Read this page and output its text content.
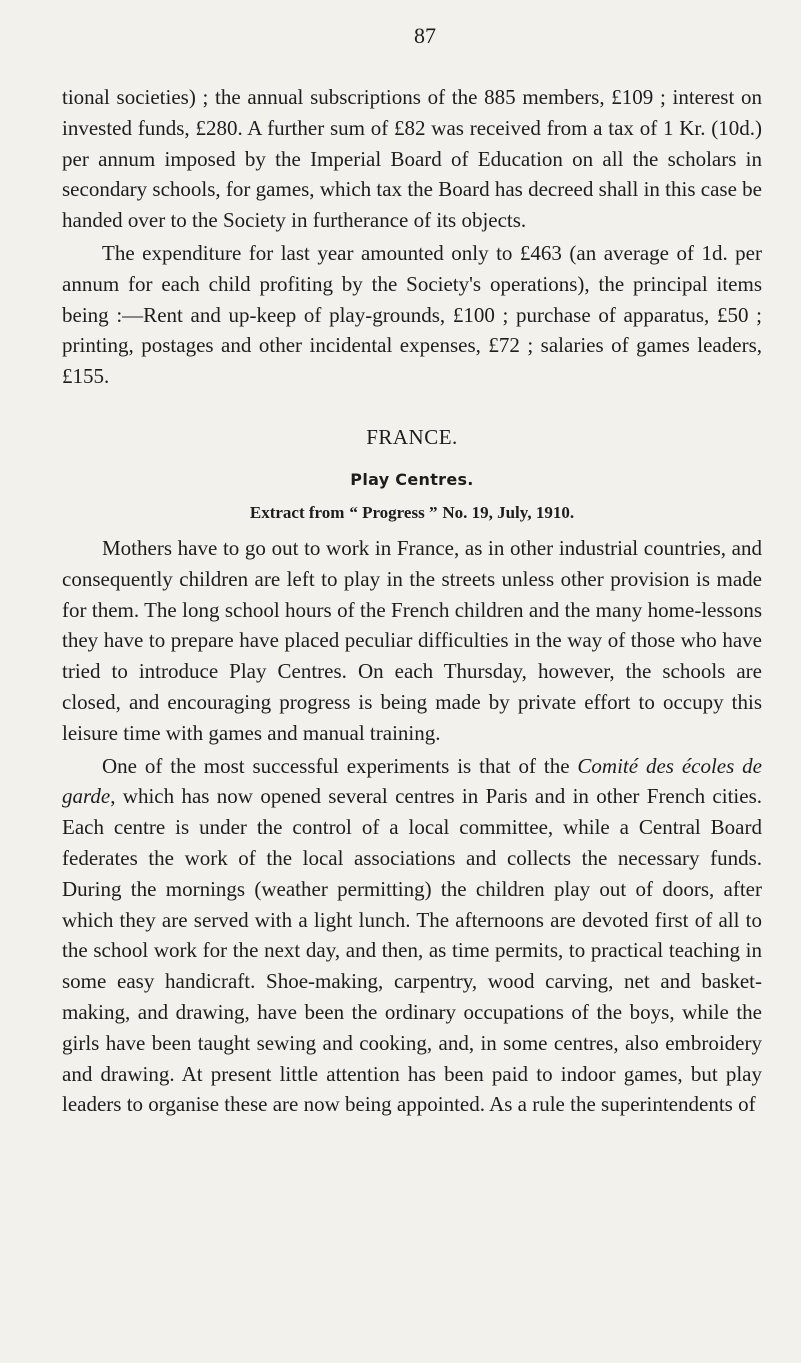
87

tional societies) ; the annual subscriptions of the 885 members, £109 ; interest on invested funds, £280. A further sum of £82 was received from a tax of 1 Kr. (10d.) per annum imposed by the Imperial Board of Education on all the scholars in secondary schools, for games, which tax the Board has decreed shall in this case be handed over to the Society in furtherance of its objects.

The expenditure for last year amounted only to £463 (an average of 1d. per annum for each child profiting by the Society's operations), the principal items being :—Rent and up-keep of play-grounds, £100 ; purchase of apparatus, £50 ; printing, postages and other incidental expenses, £72 ; salaries of games leaders, £155.

FRANCE.
Play Centres.
Extract from “ Progress ” No. 19, July, 1910.

Mothers have to go out to work in France, as in other industrial countries, and consequently children are left to play in the streets unless other provision is made for them. The long school hours of the French children and the many home-lessons they have to prepare have placed peculiar difficulties in the way of those who have tried to introduce Play Centres. On each Thursday, however, the schools are closed, and encouraging progress is being made by private effort to occupy this leisure time with games and manual training.

One of the most successful experiments is that of the Comité des écoles de garde, which has now opened several centres in Paris and in other French cities. Each centre is under the control of a local committee, while a Central Board federates the work of the local associations and collects the necessary funds. During the mornings (weather permitting) the children play out of doors, after which they are served with a light lunch. The afternoons are devoted first of all to the school work for the next day, and then, as time permits, to practical teaching in some easy handicraft. Shoe-making, carpentry, wood carving, net and basket-making, and drawing, have been the ordinary occupations of the boys, while the girls have been taught sewing and cooking, and, in some centres, also embroidery and drawing. At present little attention has been paid to indoor games, but play leaders to organise these are now being appointed. As a rule the superintendents of
